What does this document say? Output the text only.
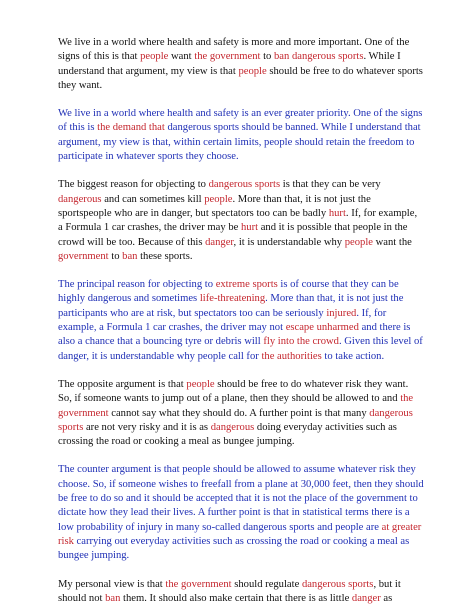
We live in a world where health and safety is more and more important. One of the signs of this is that people want the government to ban dangerous sports. While I understand that argument, my view is that people should be free to do whatever sports they want.

We live in a world where health and safety is an ever greater priority. One of the signs of this is the demand that dangerous sports should be banned. While I understand that argument, my view is that, within certain limits, people should retain the freedom to participate in whatever sports they choose.

The biggest reason for objecting to dangerous sports is that they can be very dangerous and can sometimes kill people. More than that, it is not just the sportspeople who are in danger, but spectators too can be badly hurt. If, for example, a Formula 1 car crashes, the driver may be hurt and it is possible that people in the crowd will be too. Because of this danger, it is understandable why people want the government to ban these sports.

The principal reason for objecting to extreme sports is of course that they can be highly dangerous and sometimes life-threatening. More than that, it is not just the participants who are at risk, but spectators too can be seriously injured. If, for example, a Formula 1 car crashes, the driver may not escape unharmed and there is also a chance that a bouncing tyre or debris will fly into the crowd. Given this level of danger, it is understandable why people call for the authorities to take action.

The opposite argument is that people should be free to do whatever risk they want. So, if someone wants to jump out of a plane, then they should be allowed to and the government cannot say what they should do. A further point is that many dangerous sports are not very risky and it is as dangerous doing everyday activities such as crossing the road or cooking a meal as bungee jumping.

The counter argument is that people should be allowed to assume whatever risk they choose. So, if someone wishes to freefall from a plane at 30,000 feet, then they should be free to do so and it should be accepted that it is not the place of the government to dictate how they lead their lives. A further point is that in statistical terms there is a low probability of injury in many so-called dangerous sports and people are at greater risk carrying out everyday activities such as crossing the road or cooking a meal as bungee jumping.

My personal view is that the government should regulate dangerous sports, but it should not ban them. It should also make certain that there is as little danger as
